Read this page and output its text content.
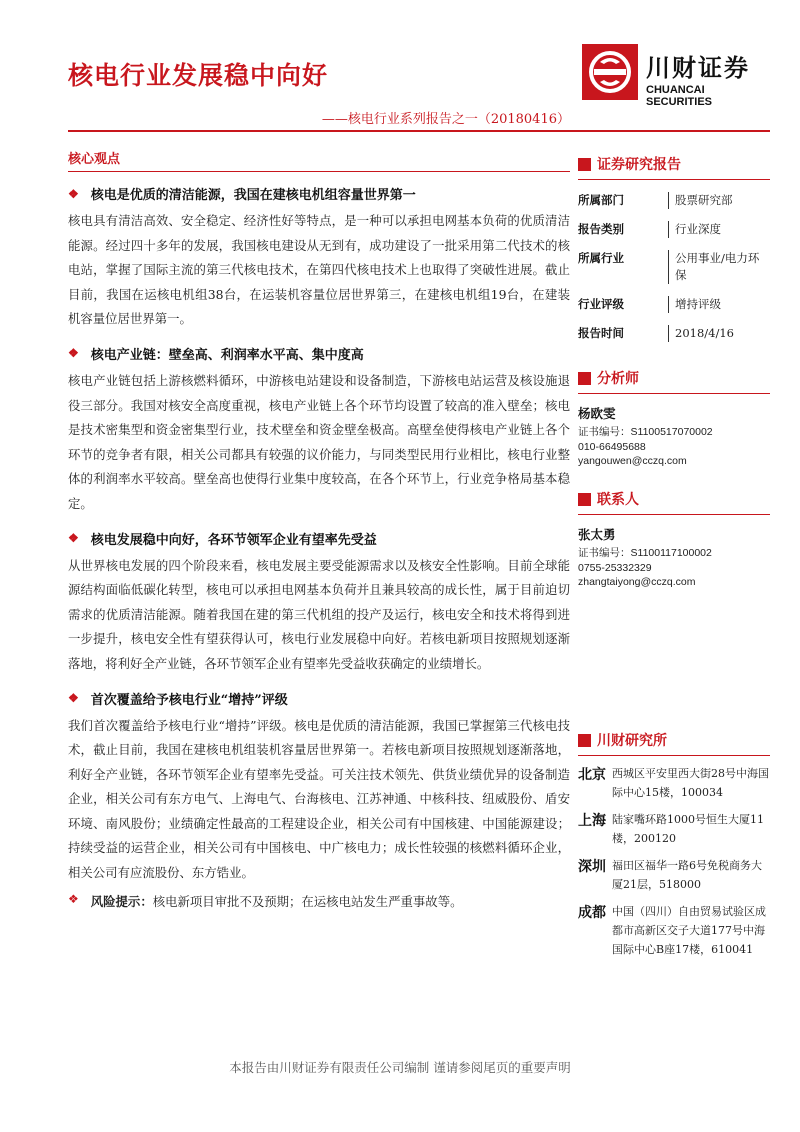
核电行业发展稳中向好
——核电行业系列报告之一（20180416）
川财证券
CHUANCAI SECURITIES
核心观点
❖ 核电是优质的清洁能源，我国在建核电机组容量世界第一

核电具有清洁高效、安全稳定、经济性好等特点，是一种可以承担电网基本负荷的优质清洁能源。经过四十多年的发展，我国核电建设从无到有，成功建设了一批采用第二代技术的核电站，掌握了国际主流的第三代核电技术，在第四代核电技术上也取得了突破性进展。截止目前，我国在运核电机组38台，在运装机容量位居世界第三，在建核电机组19台，在建装机容量位居世界第一。

❖ 核电产业链：壁垒高、利润率水平高、集中度高

核电产业链包括上游核燃料循环，中游核电站建设和设备制造，下游核电站运营及核设施退役三部分。我国对核安全高度重视，核电产业链上各个环节均设置了较高的准入壁垒；核电是技术密集型和资金密集型行业，技术壁垒和资金壁垒极高。高壁垒使得核电产业链上各个环节的竞争者有限，相关公司都具有较强的议价能力，与同类型民用行业相比，核电行业整体的利润率水平较高。壁垒高也使得行业集中度较高，在各个环节上，行业竞争格局基本稳定。

❖ 核电发展稳中向好，各环节领军企业有望率先受益

从世界核电发展的四个阶段来看，核电发展主要受能源需求以及核安全性影响。目前全球能源结构面临低碳化转型，核电可以承担电网基本负荷并且兼具较高的成长性，属于目前迫切需求的优质清洁能源。随着我国在建的第三代机组的投产及运行，核电安全和技术将得到进一步提升，核电安全性有望获得认可，核电行业发展稳中向好。若核电新项目按照规划逐渐落地，将利好全产业链，各环节领军企业有望率先受益收获确定的业绩增长。

❖ 首次覆盖给予核电行业“增持”评级

我们首次覆盖给予核电行业“增持”评级。核电是优质的清洁能源，我国已掌握第三代核电技术，截止目前，我国在建核电机组装机容量居世界第一。若核电新项目按照规划逐渐落地，利好全产业链，各环节领军企业有望率先受益。可关注技术领先、供货业绩优异的设备制造企业，相关公司有东方电气、上海电气、台海核电、江苏神通、中核科技、纽威股份、盾安环境、南风股份；业绩确定性最高的工程建设企业，相关公司有中国核建、中国能源建设；持续受益的运营企业，相关公司有中国核电、中广核电力；成长性较强的核燃料循环企业，相关公司有应流股份、东方锆业。

❖ 风险提示： 核电新项目审批不及预期；在运核电站发生严重事故等。
证券研究报告
所属部门	股票研究部
报告类别	行业深度
所属行业	公用事业/电力环保
行业评级	增持评级
报告时间	2018/4/16
分析师
杨欧雯
证书编号：S1100517070002
010-66495688
yangouwen@cczq.com
联系人
张太勇
证书编号：S1100117100002
0755-25332329
zhangtaiyong@cczq.com
川财研究所
北京 西城区平安里西大街28号中海国际中心15楼，100034
上海 陆家嘴环路1000号恒生大厦11楼，200120
深圳 福田区福华一路6号免税商务大厦21层，518000
成都 中国（四川）自由贸易试验区成都市高新区交子大道177号中海国际中心B座17楼，610041
本报告由川财证券有限责任公司编制 谨请参阅尾页的重要声明
